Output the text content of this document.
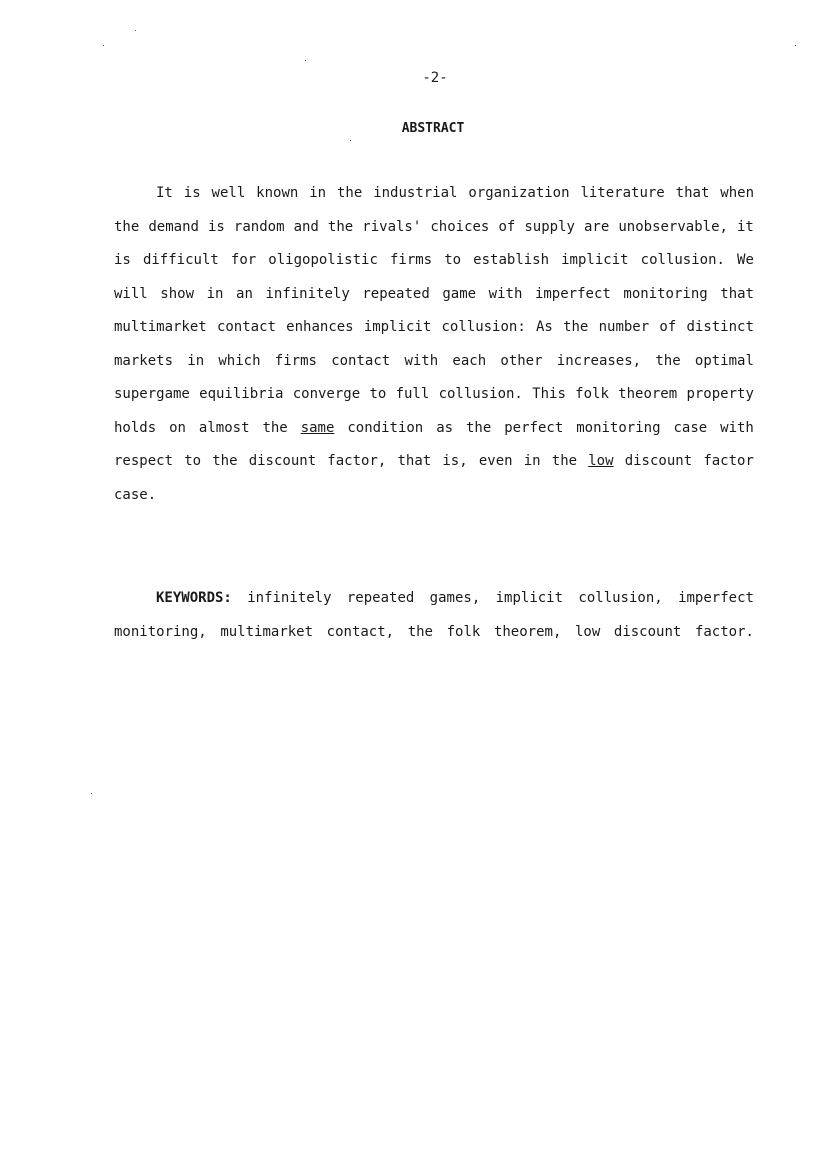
-2-
ABSTRACT
It is well known in the industrial organization literature that when
the demand is random and the rivals' choices of supply are unobservable, it
is difficult for oligopolistic firms to establish implicit collusion. We
will show in an infinitely repeated game with imperfect monitoring that
multimarket contact enhances implicit collusion: As the number of distinct
markets in which firms contact with each other increases, the optimal
supergame equilibria converge to full collusion. This folk theorem property
holds on almost the same condition as the perfect monitoring case with
respect to the discount factor, that is, even in the low discount factor
case.
KEYWORDS: infinitely repeated games, implicit collusion, imperfect
monitoring, multimarket contact, the folk theorem, low discount factor.
